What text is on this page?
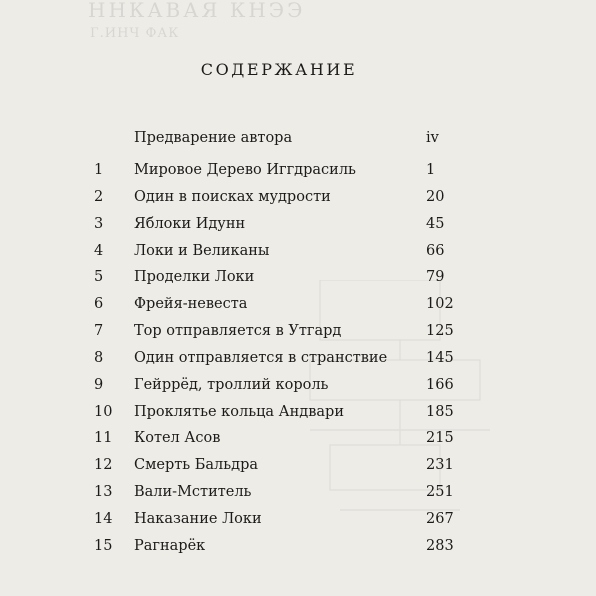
ННКАВАЯ КНЭЭ
Г.ИНЧ ФАК
СОДЕРЖАНИЕ
Предварение автора	iv
1 Мировое Дерево Иггдрасиль	1
2 Один в поисках мудрости	20
3 Яблоки Идунн	45
4 Локи и Великаны	66
5 Проделки Локи	79
6 Фрейя-невеста	102
7 Тор отправляется в Утгард	125
8 Один отправляется в странствие	145
9 Гейррёд, троллий король	166
10 Проклятье кольца Андвари	185
11 Котел Асов	215
12 Смерть Бальдра	231
13 Вали-Мститель	251
14 Наказание Локи	267
15 Рагнарёк	283
